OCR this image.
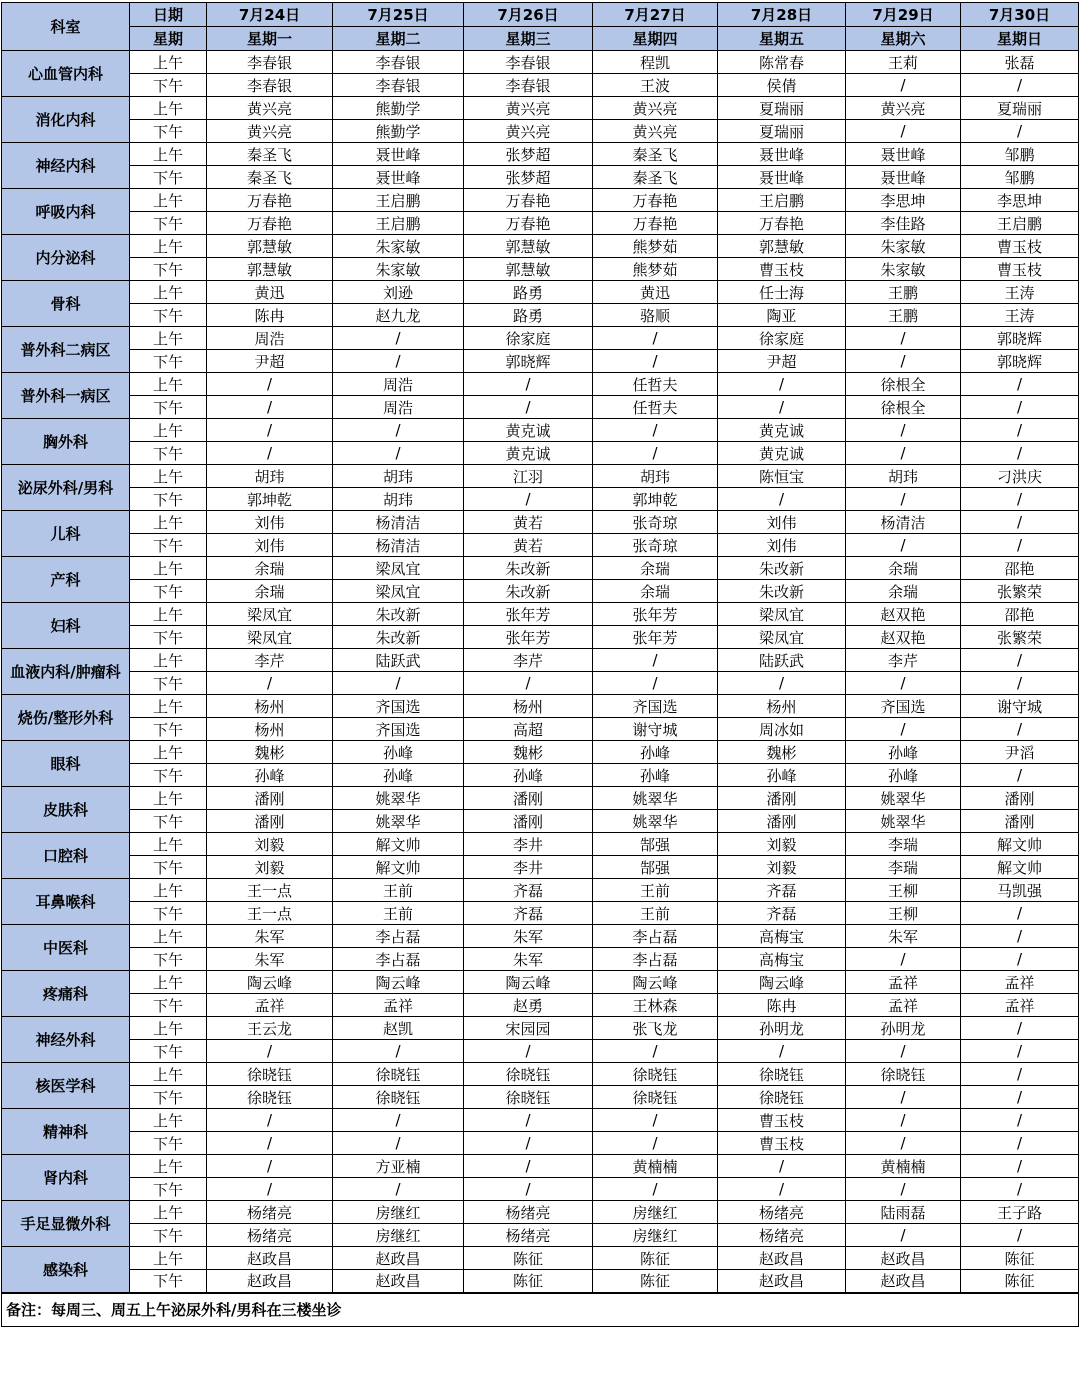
科室	日期	7月24日	7月25日	7月26日	7月27日	7月28日	7月29日	7月30日
	星期	星期一	星期二	星期三	星期四	星期五	星期六	星期日
心血管内科	上午	李春银	李春银	李春银	程凯	陈常春	王莉	张磊
	下午	李春银	李春银	李春银	王波	侯倩	/	/
消化内科	上午	黄兴亮	熊勤学	黄兴亮	黄兴亮	夏瑞丽	黄兴亮	夏瑞丽
	下午	黄兴亮	熊勤学	黄兴亮	黄兴亮	夏瑞丽	/	/
神经内科	上午	秦圣飞	聂世峰	张梦超	秦圣飞	聂世峰	聂世峰	邹鹏
	下午	秦圣飞	聂世峰	张梦超	秦圣飞	聂世峰	聂世峰	邹鹏
呼吸内科	上午	万春艳	王启鹏	万春艳	万春艳	王启鹏	李思坤	李思坤
	下午	万春艳	王启鹏	万春艳	万春艳	万春艳	李佳路	王启鹏
内分泌科	上午	郭慧敏	朱家敏	郭慧敏	熊梦茹	郭慧敏	朱家敏	曹玉枝
	下午	郭慧敏	朱家敏	郭慧敏	熊梦茹	曹玉枝	朱家敏	曹玉枝
骨科	上午	黄迅	刘逊	路勇	黄迅	任士海	王鹏	王涛
	下午	陈冉	赵九龙	路勇	骆顺	陶亚	王鹏	王涛
普外科二病区	上午	周浩	/	徐家庭	/	徐家庭	/	郭晓辉
	下午	尹超	/	郭晓辉	/	尹超	/	郭晓辉
普外科一病区	上午	/	周浩	/	任哲夫	/	徐根全	/
	下午	/	周浩	/	任哲夫	/	徐根全	/
胸外科	上午	/	/	黄克诚	/	黄克诚	/	/
	下午	/	/	黄克诚	/	黄克诚	/	/
泌尿外科/男科	上午	胡玮	胡玮	江羽	胡玮	陈恒宝	胡玮	刁洪庆
	下午	郭坤乾	胡玮	/	郭坤乾	/	/	/
儿科	上午	刘伟	杨清洁	黄若	张奇琼	刘伟	杨清洁	/
	下午	刘伟	杨清洁	黄若	张奇琼	刘伟	/	/
产科	上午	余瑞	梁凤宜	朱改新	余瑞	朱改新	余瑞	邵艳
	下午	余瑞	梁凤宜	朱改新	余瑞	朱改新	余瑞	张繁荣
妇科	上午	梁凤宜	朱改新	张年芳	张年芳	梁凤宜	赵双艳	邵艳
	下午	梁凤宜	朱改新	张年芳	张年芳	梁凤宜	赵双艳	张繁荣
血液内科/肿瘤科	上午	李芹	陆跃武	李芹	/	陆跃武	李芹	/
	下午	/	/	/	/	/	/	/
烧伤/整形外科	上午	杨州	齐国选	杨州	齐国选	杨州	齐国选	谢守城
	下午	杨州	齐国选	高超	谢守城	周冰如	/	/
眼科	上午	魏彬	孙峰	魏彬	孙峰	魏彬	孙峰	尹滔
	下午	孙峰	孙峰	孙峰	孙峰	孙峰	孙峰	/
皮肤科	上午	潘刚	姚翠华	潘刚	姚翠华	潘刚	姚翠华	潘刚
	下午	潘刚	姚翠华	潘刚	姚翠华	潘刚	姚翠华	潘刚
口腔科	上午	刘毅	解文帅	李井	郜强	刘毅	李瑞	解文帅
	下午	刘毅	解文帅	李井	郜强	刘毅	李瑞	解文帅
耳鼻喉科	上午	王一点	王前	齐磊	王前	齐磊	王柳	马凯强
	下午	王一点	王前	齐磊	王前	齐磊	王柳	/
中医科	上午	朱军	李占磊	朱军	李占磊	高梅宝	朱军	/
	下午	朱军	李占磊	朱军	李占磊	高梅宝	/	/
疼痛科	上午	陶云峰	陶云峰	陶云峰	陶云峰	陶云峰	孟祥	孟祥
	下午	孟祥	孟祥	赵勇	王林森	陈冉	孟祥	孟祥
神经外科	上午	王云龙	赵凯	宋园园	张飞龙	孙明龙	孙明龙	/
	下午	/	/	/	/	/	/	/
核医学科	上午	徐晓钰	徐晓钰	徐晓钰	徐晓钰	徐晓钰	徐晓钰	/
	下午	徐晓钰	徐晓钰	徐晓钰	徐晓钰	徐晓钰	/	/
精神科	上午	/	/	/	/	曹玉枝	/	/
	下午	/	/	/	/	曹玉枝	/	/
肾内科	上午	/	方亚楠	/	黄楠楠	/	黄楠楠	/
	下午	/	/	/	/	/	/	/
手足显微外科	上午	杨绪亮	房继红	杨绪亮	房继红	杨绪亮	陆雨磊	王子路
	下午	杨绪亮	房继红	杨绪亮	房继红	杨绪亮	/	/
感染科	上午	赵政昌	赵政昌	陈征	陈征	赵政昌	赵政昌	陈征
	下午	赵政昌	赵政昌	陈征	陈征	赵政昌	赵政昌	陈征
备注：每周三、周五上午泌尿外科/男科在三楼坐诊								
